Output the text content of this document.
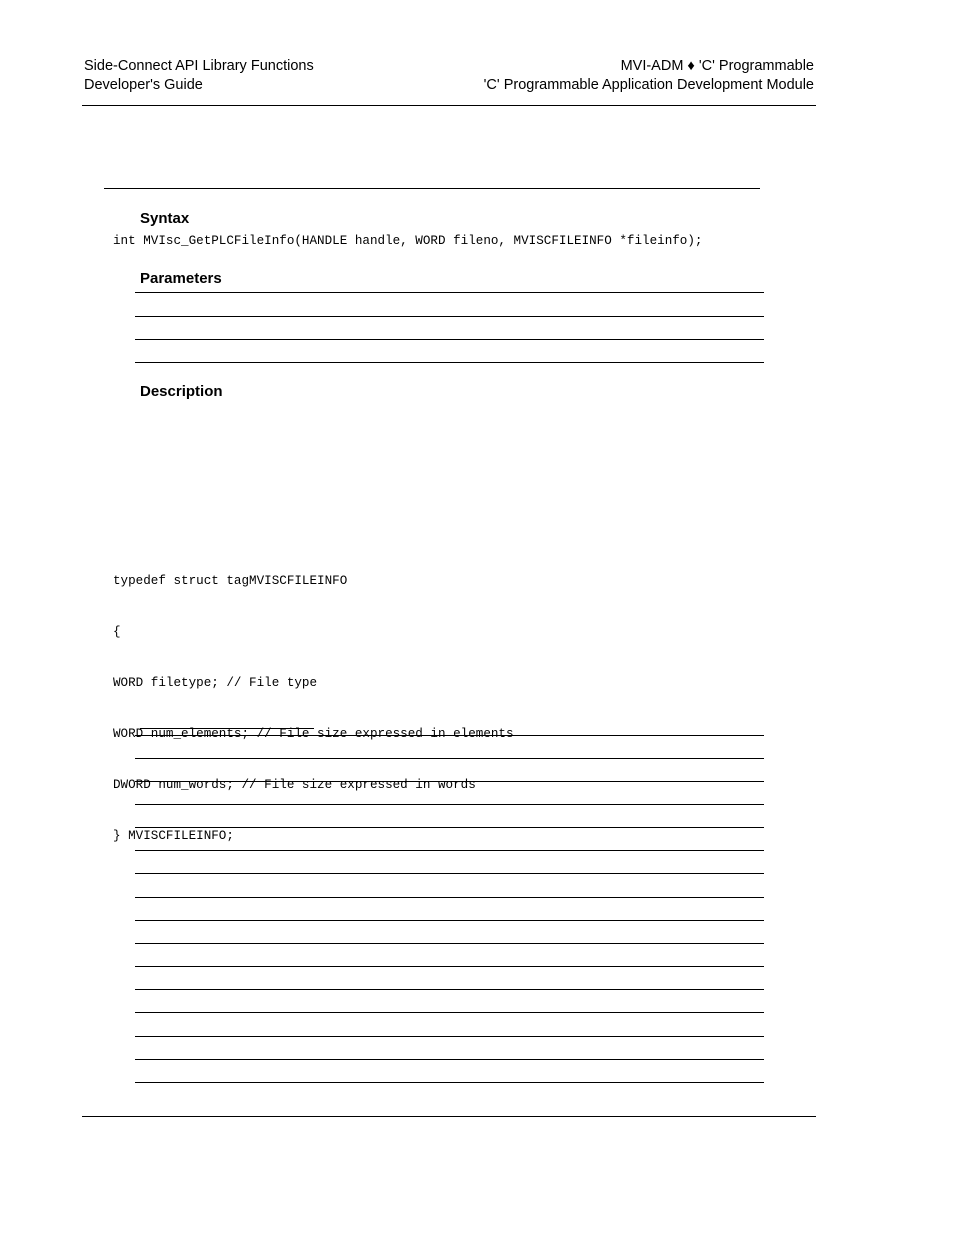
Side-Connect API Library Functions
Developer's Guide
MVI-ADM ♦ 'C' Programmable
'C' Programmable Application Development Module
Syntax
int MVIsc_GetPLCFileInfo(HANDLE handle, WORD fileno, MVISCFILEINFO *fileinfo);
Parameters
Description

typedef struct tagMVISCFILEINFO

{

WORD filetype; // File type

WORD num_elements; // File size expressed in elements

DWORD num_words; // File size expressed in words

} MVISCFILEINFO;
